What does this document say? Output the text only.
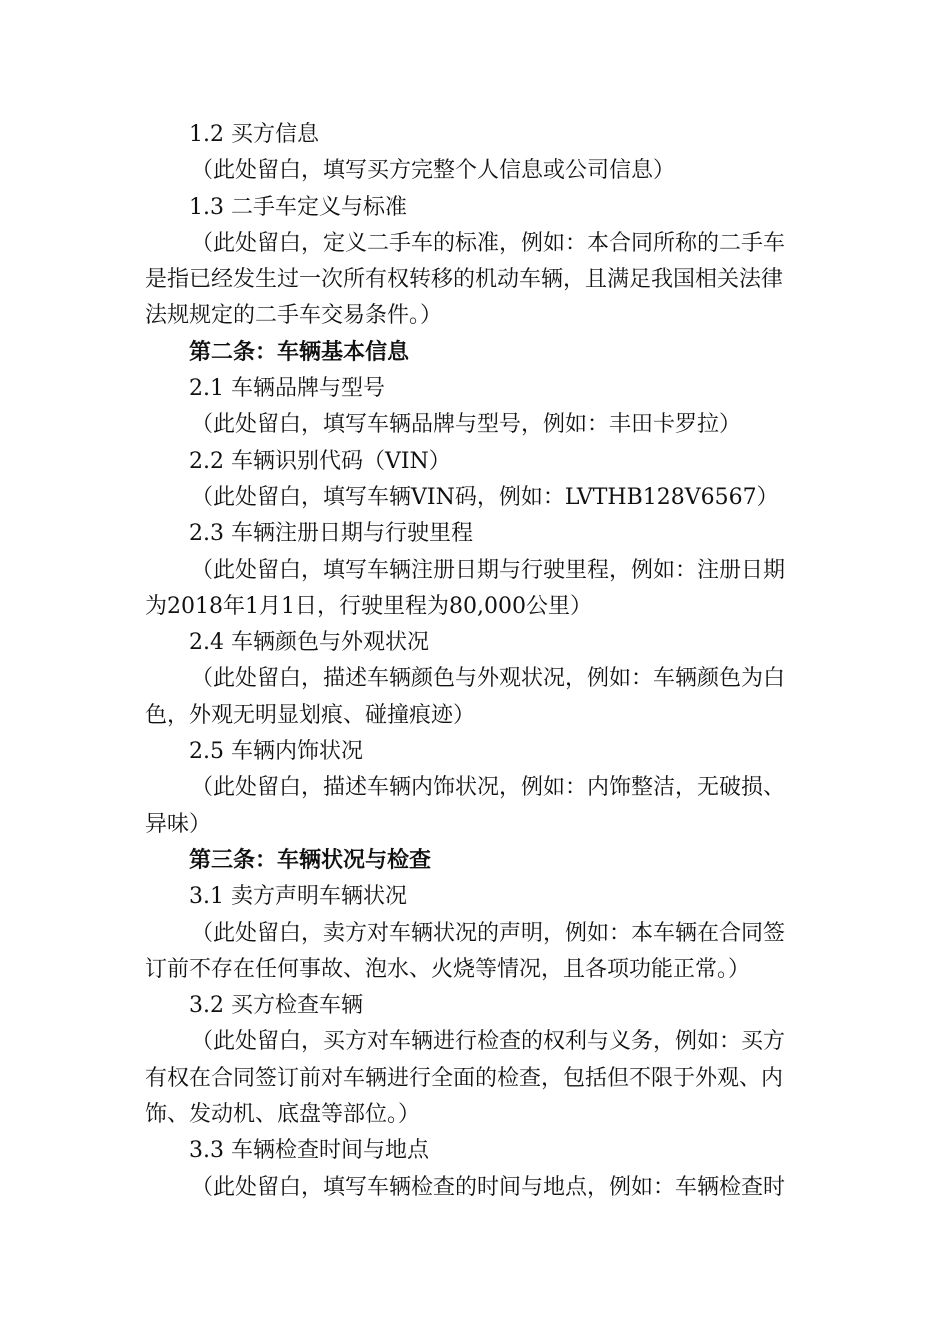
1.2 买方信息
（此处留白，填写买方完整个人信息或公司信息）
1.3 二手车定义与标准
（此处留白，定义二手车的标准，例如：本合同所称的二手车
是指已经发生过一次所有权转移的机动车辆，且满足我国相关法律
法规规定的二手车交易条件。）
第二条：车辆基本信息
2.1 车辆品牌与型号
（此处留白，填写车辆品牌与型号，例如：丰田卡罗拉）
2.2 车辆识别代码（VIN）
（此处留白，填写车辆VIN码，例如：LVTHB128V6567）
2.3 车辆注册日期与行驶里程
（此处留白，填写车辆注册日期与行驶里程，例如：注册日期
为2018年1月1日，行驶里程为80,000公里）
2.4 车辆颜色与外观状况
（此处留白，描述车辆颜色与外观状况，例如：车辆颜色为白
色，外观无明显划痕、碰撞痕迹）
2.5 车辆内饰状况
（此处留白，描述车辆内饰状况，例如：内饰整洁，无破损、
异味）
第三条：车辆状况与检查
3.1 卖方声明车辆状况
（此处留白，卖方对车辆状况的声明，例如：本车辆在合同签
订前不存在任何事故、泡水、火烧等情况，且各项功能正常。）
3.2 买方检查车辆
（此处留白，买方对车辆进行检查的权利与义务，例如：买方
有权在合同签订前对车辆进行全面的检查，包括但不限于外观、内
饰、发动机、底盘等部位。）
3.3 车辆检查时间与地点
（此处留白，填写车辆检查的时间与地点，例如：车辆检查时
